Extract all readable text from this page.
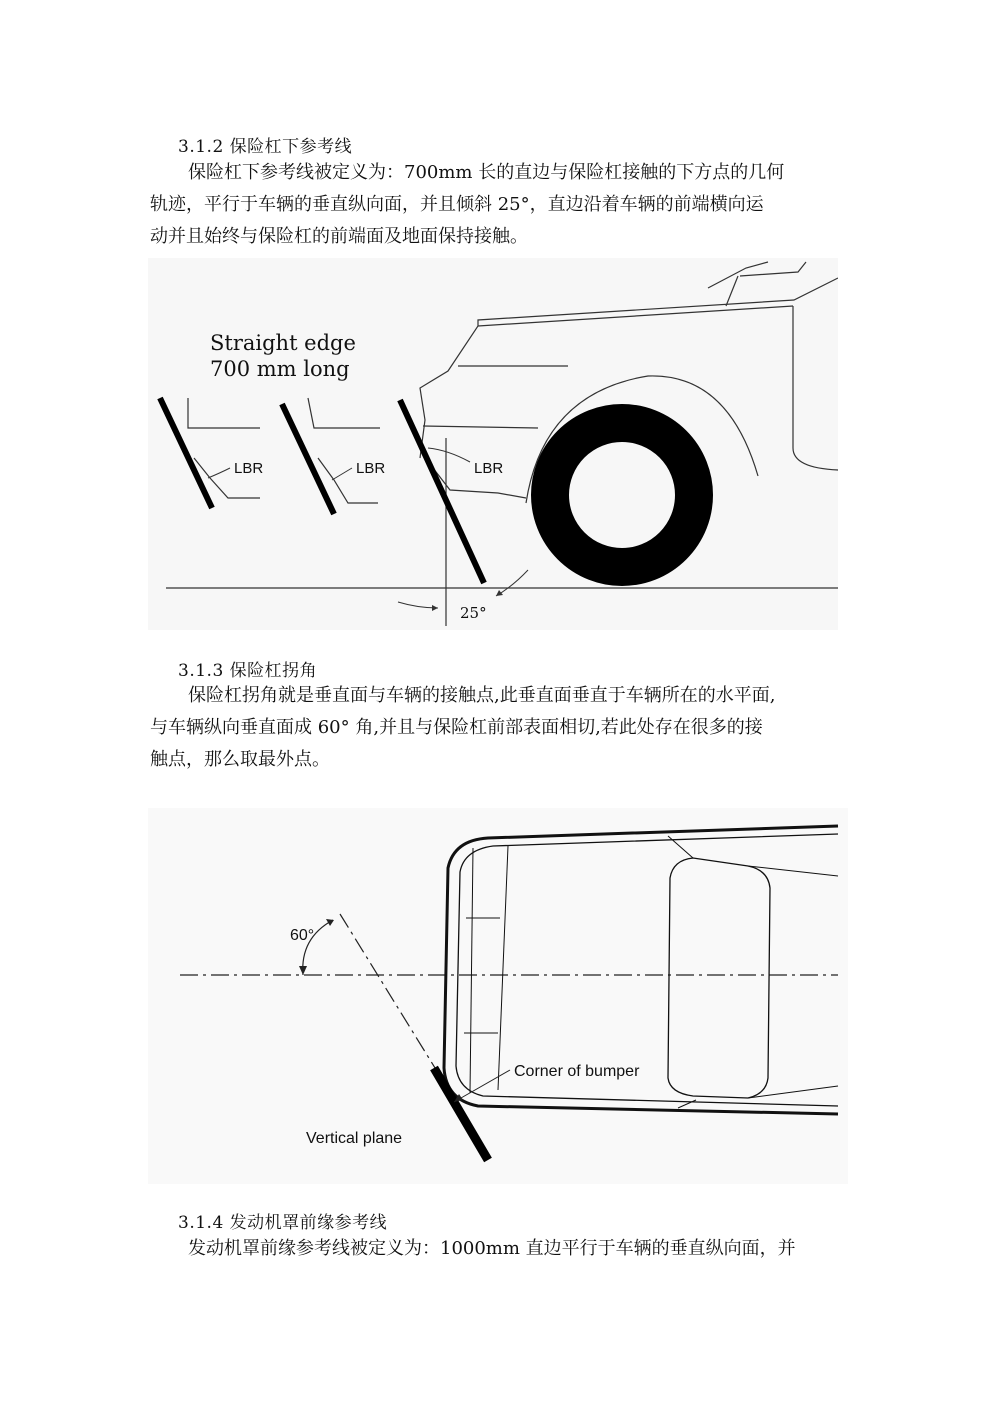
3.1.2 保险杠下参考线
保险杠下参考线被定义为：700mm 长的直边与保险杠接触的下方点的几何
轨迹，平行于车辆的垂直纵向面，并且倾斜 25°，直边沿着车辆的前端横向运
动并且始终与保险杠的前端面及地面保持接触。
Straight edge
700 mm long
LBR	LBR	LBR
25°
3.1.3 保险杠拐角
保险杠拐角就是垂直面与车辆的接触点,此垂直面垂直于车辆所在的水平面,
与车辆纵向垂直面成 60° 角,并且与保险杠前部表面相切,若此处存在很多的接
触点，那么取最外点。
60°
Corner of bumper
Vertical plane
3.1.4 发动机罩前缘参考线
发动机罩前缘参考线被定义为：1000mm 直边平行于车辆的垂直纵向面，并
